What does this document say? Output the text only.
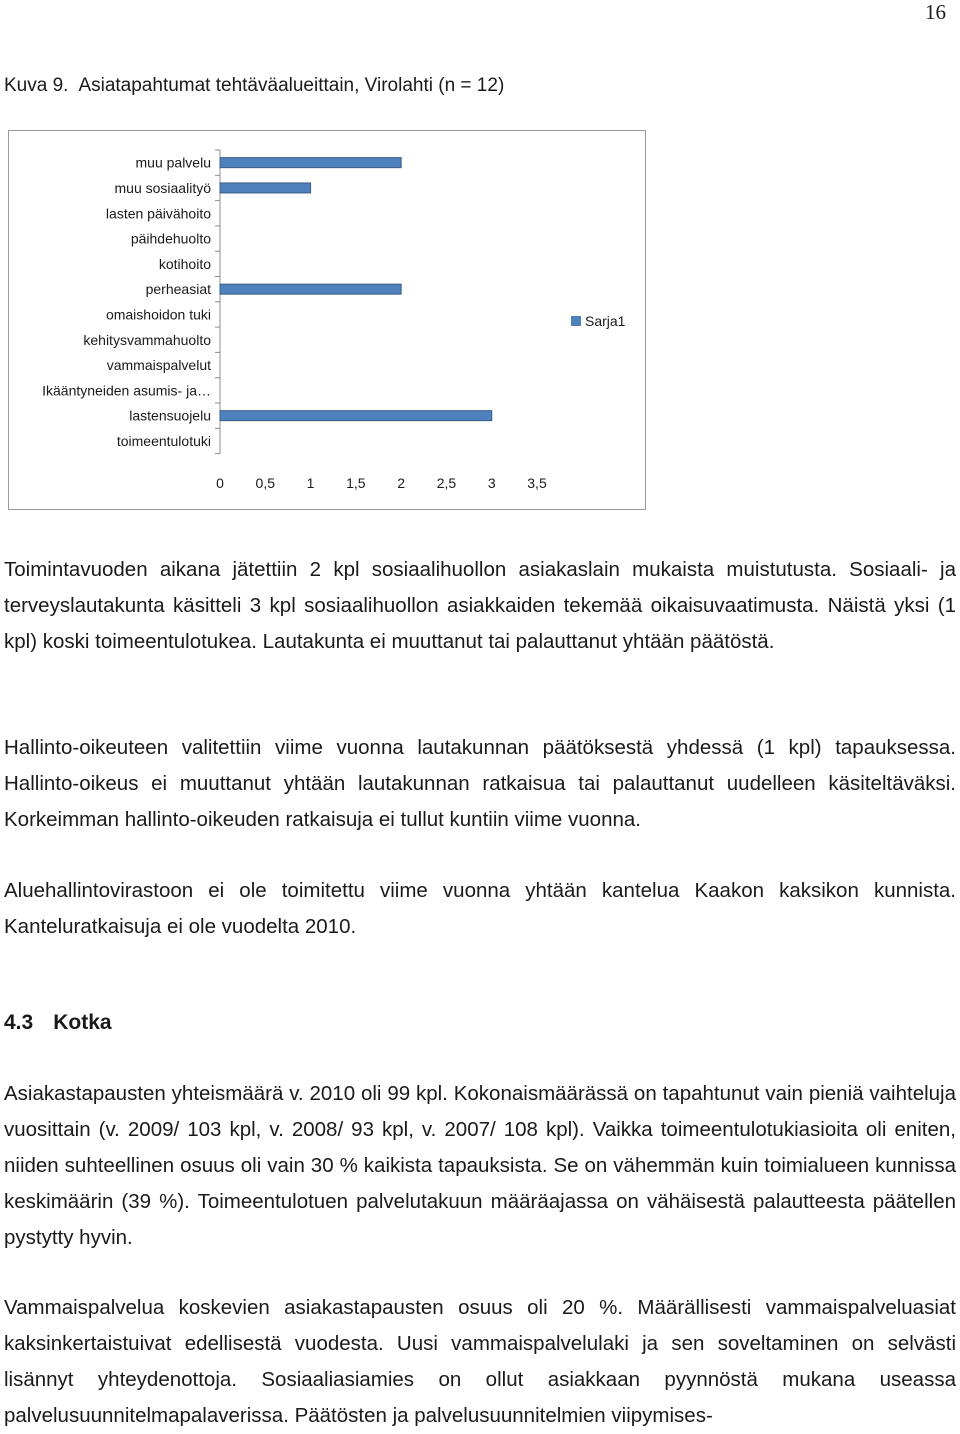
16
Kuva 9. Asiatapahtumat tehtäväalueittain, Virolahti (n = 12)
muu palvelu
muu sosiaalityö
lasten päivähoito
päihdehuolto
kotihoito
perheasiat
omaishoidon tuki
kehitysvammahuolto
vammaispalvelut
Ikääntyneiden asumis- ja…
lastensuojelu
toimeentulotuki
0 0,5 1 1,5 2 2,5 3 3,5
Sarja1

Toimintavuoden aikana jätettiin 2 kpl sosiaalihuollon asiakaslain mukaista muistutusta. Sosiaali- ja terveyslautakunta käsitteli 3 kpl sosiaalihuollon asiakkaiden tekemää oikaisuvaatimusta. Näistä yksi (1 kpl) koski toimeentulotukea. Lautakunta ei muuttanut tai palauttanut yhtään päätöstä.

Hallinto-oikeuteen valitettiin viime vuonna lautakunnan päätöksestä yhdessä (1 kpl) tapauksessa. Hallinto-oikeus ei muuttanut yhtään lautakunnan ratkaisua tai palauttanut uudelleen käsiteltäväksi. Korkeimman hallinto-oikeuden ratkaisuja ei tullut kuntiin viime vuonna.

Aluehallintovirastoon ei ole toimitettu viime vuonna yhtään kantelua Kaakon kaksikon kunnista. Kanteluratkaisuja ei ole vuodelta 2010.

4.3 Kotka

Asiakastapausten yhteismäärä v. 2010 oli 99 kpl. Kokonaismäärässä on tapahtunut vain pieniä vaihteluja vuosittain (v. 2009/ 103 kpl, v. 2008/ 93 kpl, v. 2007/ 108 kpl). Vaikka toimeentulotukiasioita oli eniten, niiden suhteellinen osuus oli vain 30 % kaikista tapauksista. Se on vähemmän kuin toimialueen kunnissa keskimäärin (39 %). Toimeentulotuen palvelutakuun määräajassa on vähäisestä palautteesta päätellen pystytty hyvin.

Vammaispalvelua koskevien asiakastapausten osuus oli 20 %. Määrällisesti vammaispalveluasiat kaksinkertaistuivat edellisestä vuodesta. Uusi vammaispalvelulaki ja sen soveltaminen on selvästi lisännyt yhteydenottoja. Sosiaaliasiamies on ollut asiakkaan pyynnöstä mukana useassa palvelusuunnitelmapalaverissa. Päätösten ja palvelusuunnitelmien viipymises-
